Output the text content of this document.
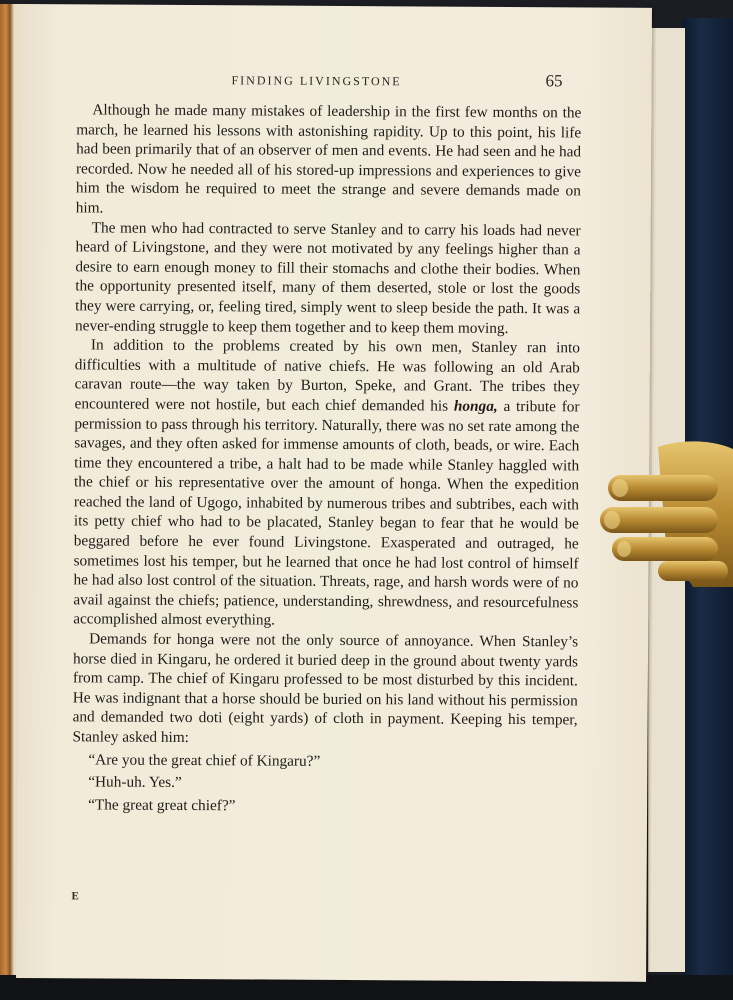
FINDING LIVINGSTONE	65

Although he made many mistakes of leadership in the first few months on the march, he learned his lessons with astonishing rapidity. Up to this point, his life had been primarily that of an observer of men and events. He had seen and he had recorded. Now he needed all of his stored-up impressions and experiences to give him the wisdom he required to meet the strange and severe demands made on him.

The men who had contracted to serve Stanley and to carry his loads had never heard of Livingstone, and they were not motivated by any feelings higher than a desire to earn enough money to fill their stomachs and clothe their bodies. When the opportunity presented itself, many of them deserted, stole or lost the goods they were carrying, or, feeling tired, simply went to sleep beside the path. It was a never-ending struggle to keep them together and to keep them moving.

In addition to the problems created by his own men, Stanley ran into difficulties with a multitude of native chiefs. He was following an old Arab caravan route—the way taken by Burton, Speke, and Grant. The tribes they encountered were not hostile, but each chief demanded his honga, a tribute for permission to pass through his territory. Naturally, there was no set rate among the savages, and they often asked for immense amounts of cloth, beads, or wire. Each time they encountered a tribe, a halt had to be made while Stanley haggled with the chief or his representative over the amount of honga. When the expedition reached the land of Ugogo, inhabited by numerous tribes and subtribes, each with its petty chief who had to be placated, Stanley began to fear that he would be beggared before he ever found Livingstone. Exasperated and outraged, he sometimes lost his temper, but he learned that once he had lost control of himself he had also lost control of the situation. Threats, rage, and harsh words were of no avail against the chiefs; patience, understanding, shrewdness, and resourcefulness accomplished almost everything.

Demands for honga were not the only source of annoyance. When Stanley’s horse died in Kingaru, he ordered it buried deep in the ground about twenty yards from camp. The chief of Kingaru professed to be most disturbed by this incident. He was indignant that a horse should be buried on his land without his permission and demanded two doti (eight yards) of cloth in payment. Keeping his temper, Stanley asked him:

“Are you the great chief of Kingaru?”

“Huh-uh. Yes.”

“The great great chief?”

E
